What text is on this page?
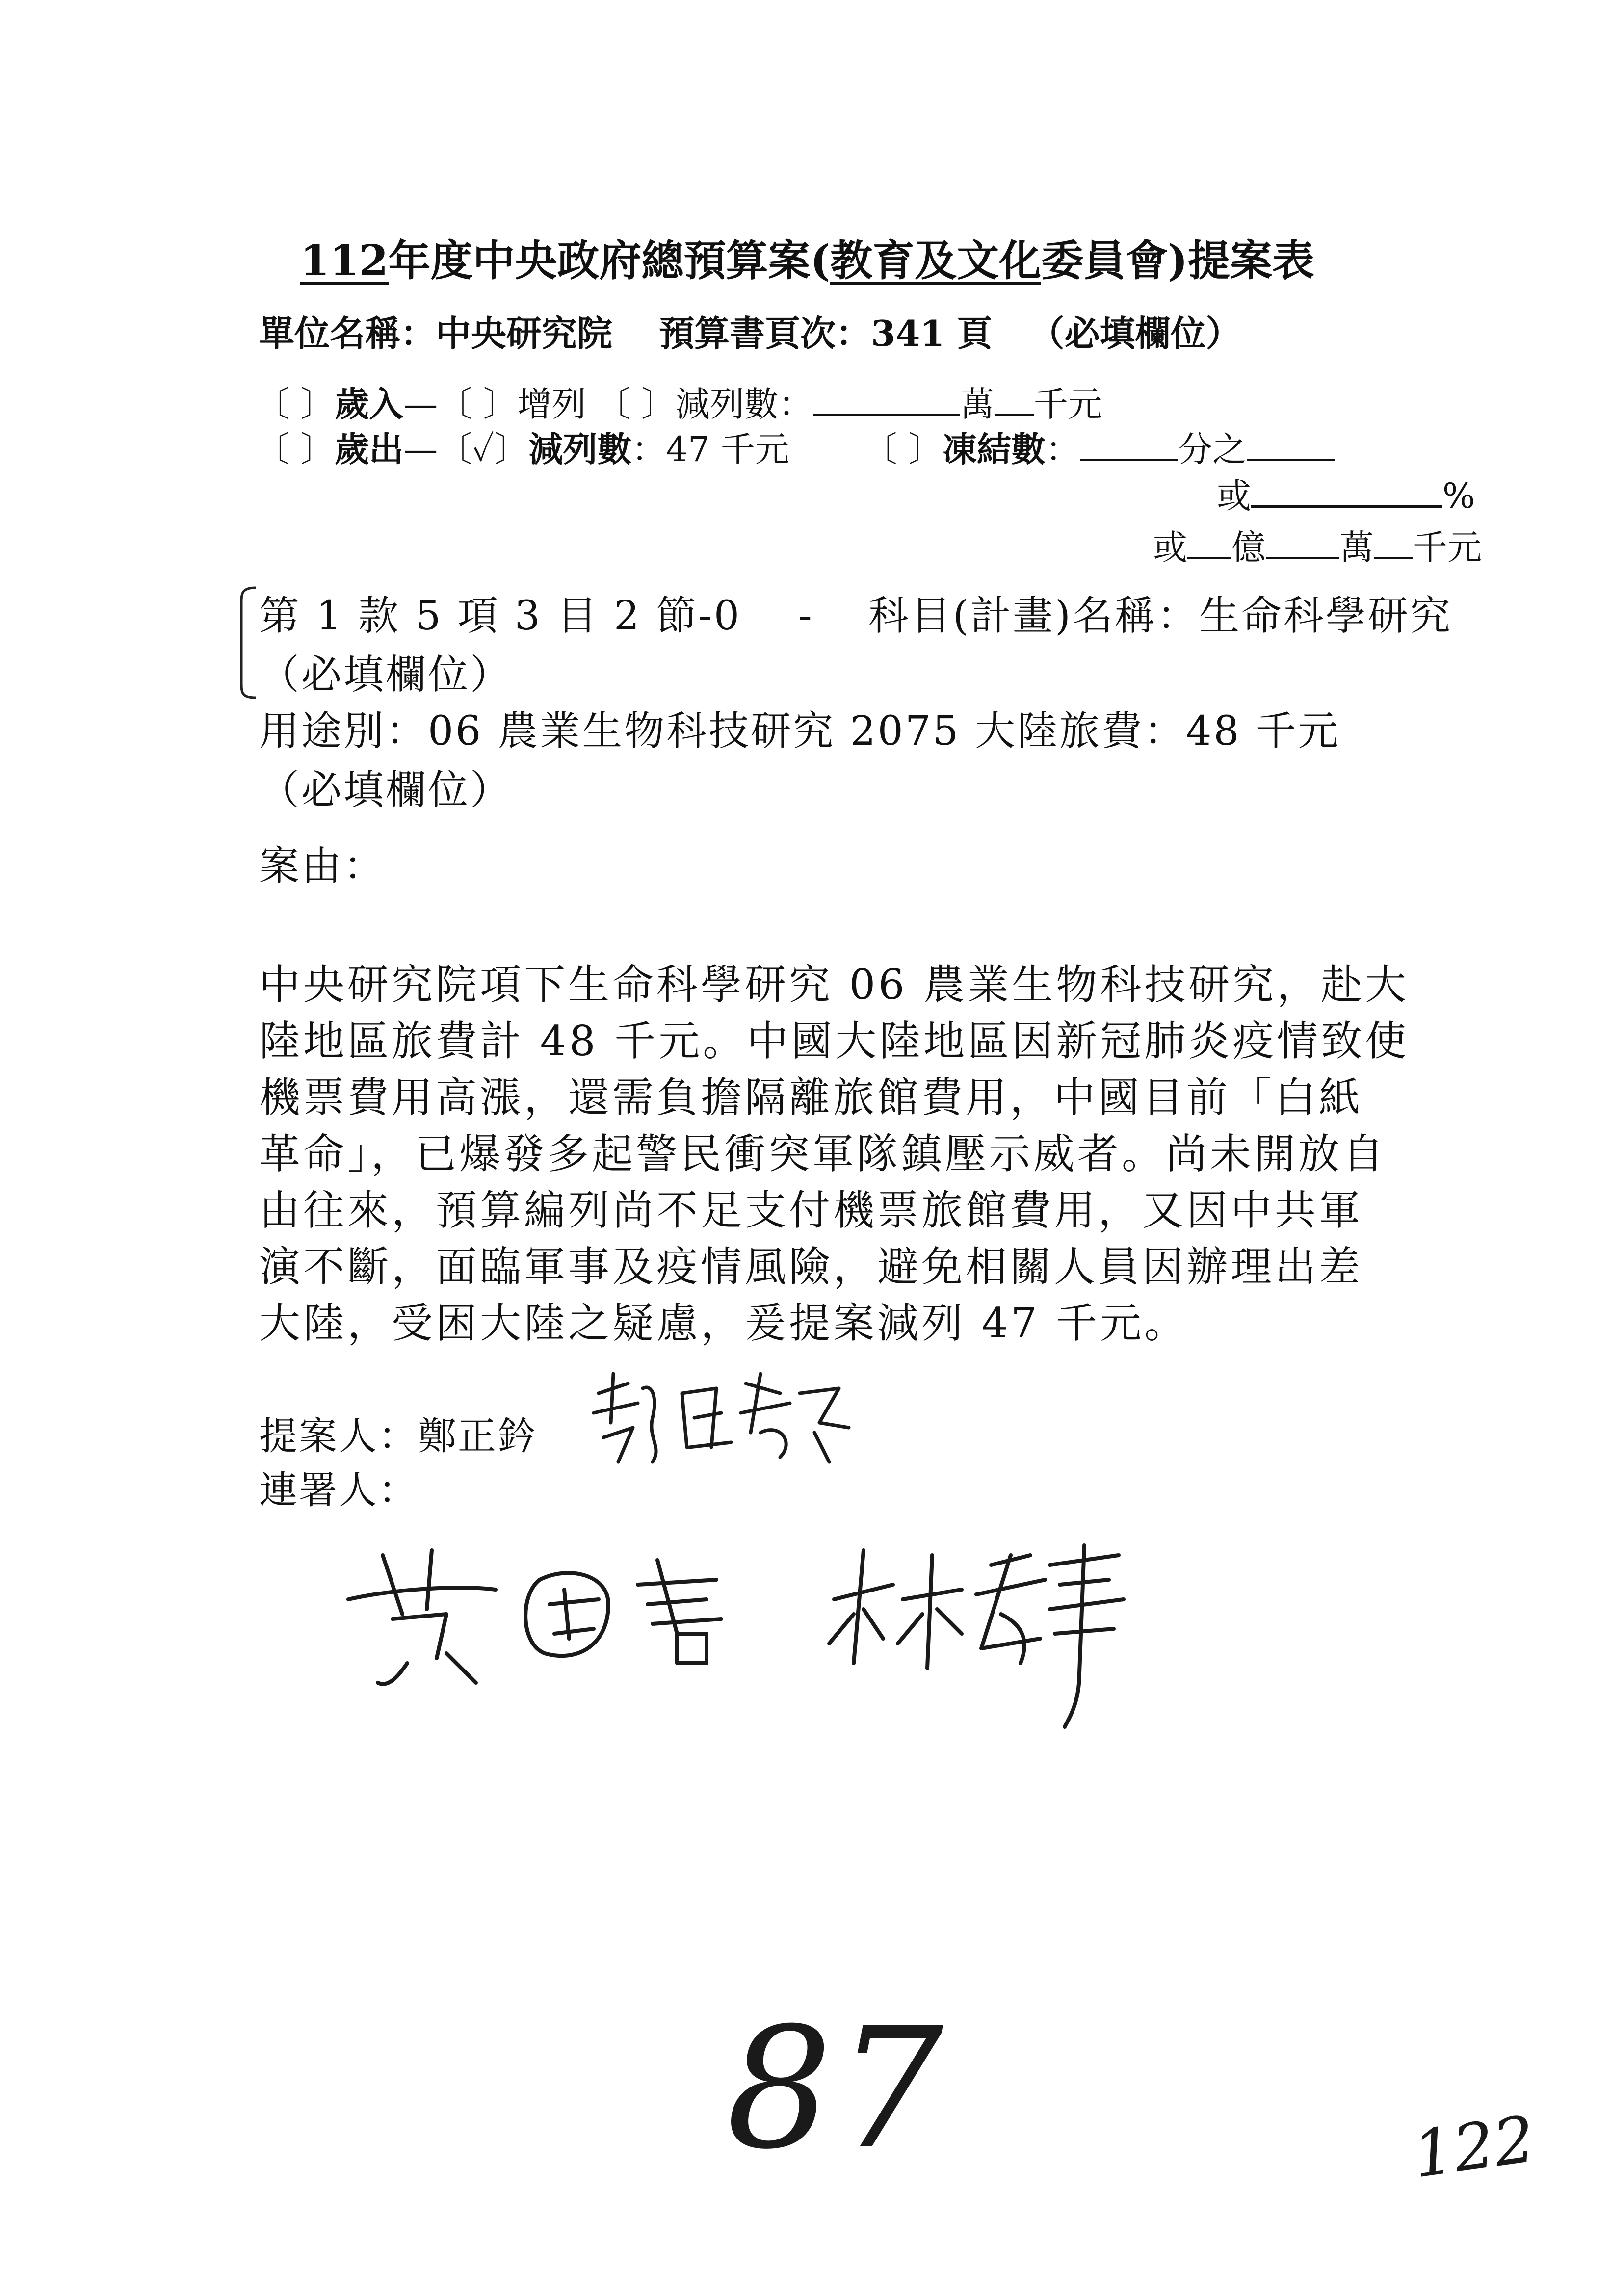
112年度中央政府總預算案(教育及文化委員會)提案表
單位名稱：中央研究院 預算書頁次：341 頁 （必填欄位）
〔 〕歲入—〔 〕增列 〔 〕減列數：	萬 千元
〔 〕歲出—〔✓〕減列數：47 千元 〔 〕凍結數：	分之
或	%
或 億 萬 千元
第 1 款 5 項 3 目 2 節-0　 - 科目(計畫)名稱：生命科學研究
（必填欄位）
用途別：06 農業生物科技研究 2075 大陸旅費：48 千元
（必填欄位）
案由：
中央研究院項下生命科學研究 06 農業生物科技研究，赴大
陸地區旅費計 48 千元。中國大陸地區因新冠肺炎疫情致使
機票費用高漲，還需負擔隔離旅館費用，中國目前「白紙
革命」，已爆發多起警民衝突軍隊鎮壓示威者。尚未開放自
由往來，預算編列尚不足支付機票旅館費用，又因中共軍
演不斷，面臨軍事及疫情風險，避免相關人員因辦理出差
大陸，受困大陸之疑慮，爰提案減列 47 千元。
提案人：鄭正鈐
連署人：
87	122
